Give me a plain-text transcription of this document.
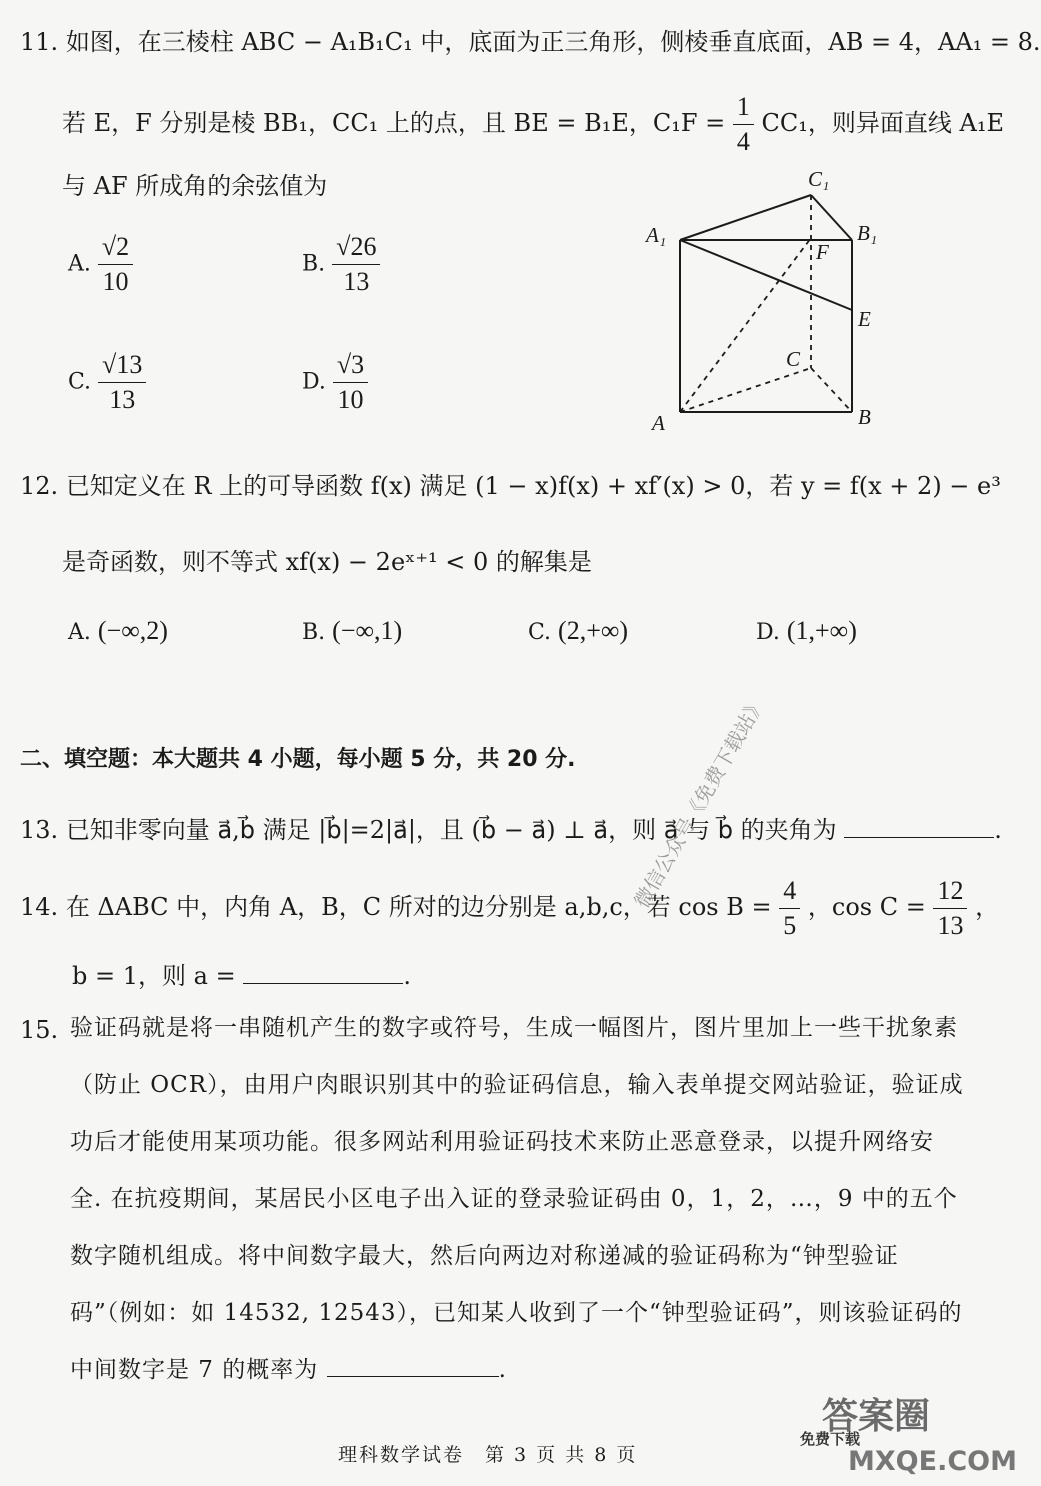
11. 如图，在三棱柱 ABC − A₁B₁C₁ 中，底面为正三角形，侧棱垂直底面，AB = 4，AA₁ = 8.
若 E，F 分别是棱 BB₁，CC₁ 上的点，且 BE = B₁E，$C_1F = \frac{1}{4} CC_1$，则异面直线 A₁E
与 AF 所成角的余弦值为
A. $\frac{√2}{10}$	B. $\frac{√26}{13}$
C. $\frac{√13}{13}$	D. $\frac{√3}{10}$
C₁
A₁	B₁
F
E
C
A	B
12. 已知定义在 R 上的可导函数 f(x) 满足 (1 − x)f(x) + xf′(x) > 0，若 y = f(x + 2) − e³
是奇函数，则不等式 xf(x) − 2eˣ⁺¹ < 0 的解集是
A. (−∞,2)	B. (−∞,1)	C. (2,+∞)	D. (1,+∞)
二、填空题：本大题共 4 小题，每小题 5 分，共 20 分.
13. 已知非零向量 a⃗,b⃗ 满足 |b⃗|=2|a⃗|，且 (b⃗ − a⃗) ⊥ a⃗，则 a⃗ 与 b⃗ 的夹角为	.
14. 在 ΔABC 中，内角 A，B，C 所对的边分别是 a,b,c，若 $\cos B = \frac{4}{5}$ ，$\cos C = \frac{12}{13}$ ，
b = 1，则 a =	.
15. 验证码就是将一串随机产生的数字或符号，生成一幅图片，图片里加上一些干扰象素（防止 OCR），由用户肉眼识别其中的验证码信息，输入表单提交网站验证，验证成功后才能使用某项功能。很多网站利用验证码技术来防止恶意登录，以提升网络安 全. 在抗疫期间，某居民小区电子出入证的登录验证码由 0，1，2，…，9 中的五个数字随机组成。将中间数字最大，然后向两边对称递减的验证码称为“钟型验证码”（例如：如 14532, 12543），已知某人收到了一个“钟型验证码”，则该验证码的中间数字是 7 的概率为	.
理科数学试卷　第 3 页 共 8 页
微信公众号《免费下载站》
答案圈
免费下载
MXQE.COM
